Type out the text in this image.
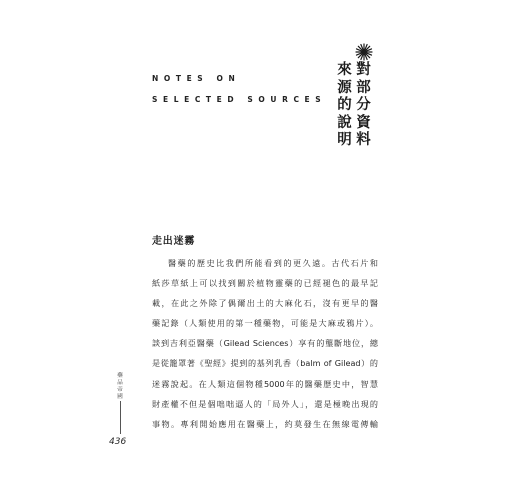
NOTES ON
SELECTED SOURCES
來
源
的
說
明
對
部
分
資
料
走出迷霧
醫藥的歷史比我們所能看到的更久遠。古代石片和
紙莎草紙上可以找到關於植物靈藥的已經褪色的最早記
載，在此之外除了偶爾出土的大麻化石，沒有更早的醫
藥記錄（人類使用的第一種藥物，可能是大麻或鴉片）。
談到吉利亞醫藥（Gilead Sciences）享有的壟斷地位，總
是從籠罩著《聖經》提到的基列乳香（balm of Gilead）的
迷霧說起。在人類這個物種5000年的醫藥歷史中，智慧
財產權不但是個咄咄逼人的「局外人」，還是極晚出現的
事物。專利開始應用在醫藥上，約莫發生在無線電傳輸
藥
品
帝
國
436
